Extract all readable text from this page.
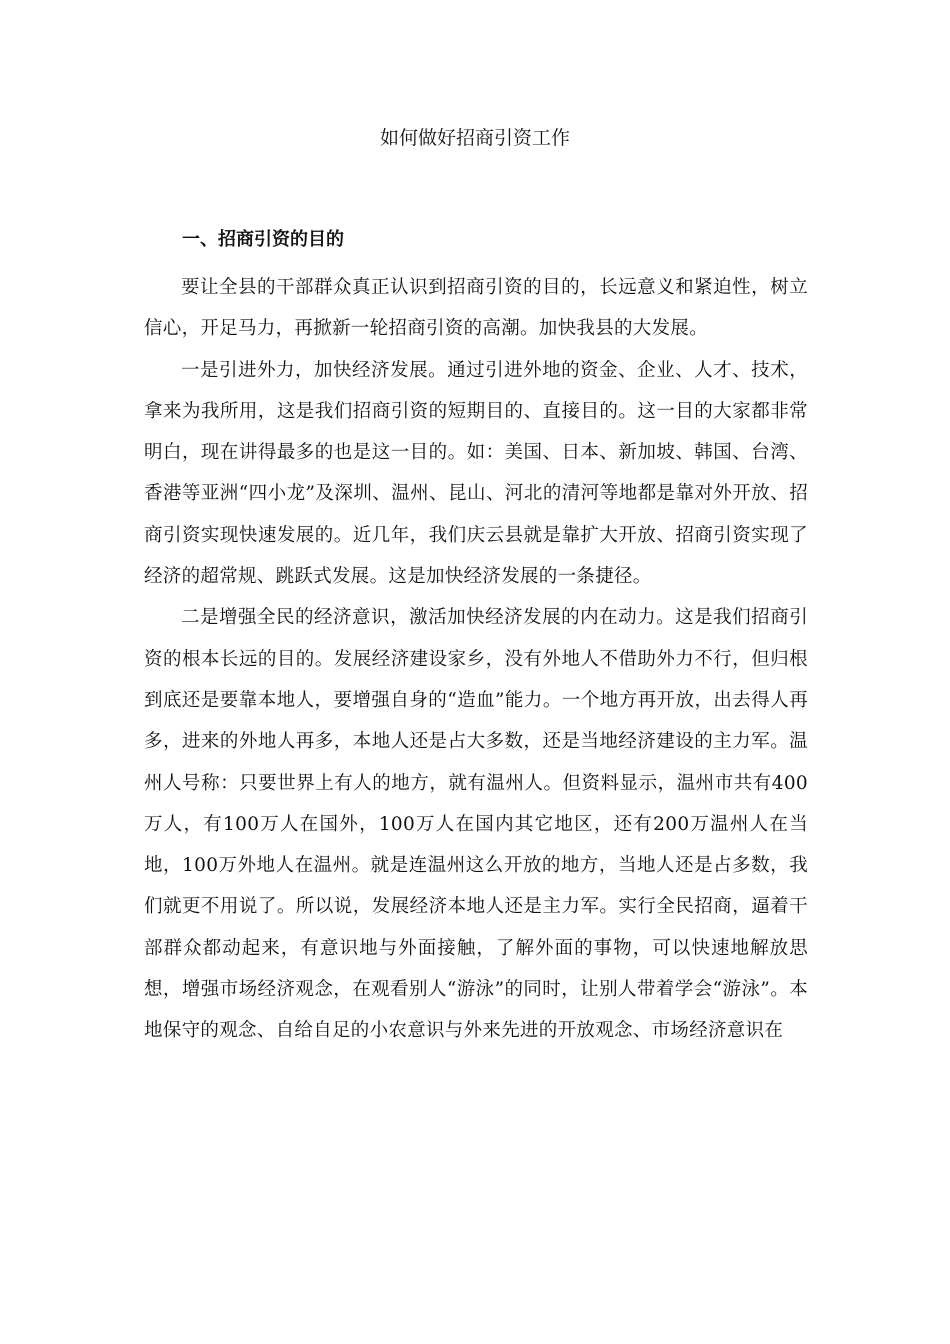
如何做好招商引资工作
一、招商引资的目的

要让全县的干部群众真正认识到招商引资的目的，长远意义和紧迫性，树立信心，开足马力，再掀新一轮招商引资的高潮。加快我县的大发展。

一是引进外力，加快经济发展。通过引进外地的资金、企业、人才、技术，拿来为我所用，这是我们招商引资的短期目的、直接目的。这一目的大家都非常明白，现在讲得最多的也是这一目的。如：美国、日本、新加坡、韩国、台湾、香港等亚洲“四小龙”及深圳、温州、昆山、河北的清河等地都是靠对外开放、招商引资实现快速发展的。近几年，我们庆云县就是靠扩大开放、招商引资实现了经济的超常规、跳跃式发展。这是加快经济发展的一条捷径。

二是增强全民的经济意识，激活加快经济发展的内在动力。这是我们招商引资的根本长远的目的。发展经济建设家乡，没有外地人不借助外力不行，但归根到底还是要靠本地人，要增强自身的“造血”能力。一个地方再开放，出去得人再多，进来的外地人再多，本地人还是占大多数，还是当地经济建设的主力军。温州人号称：只要世界上有人的地方，就有温州人。但资料显示，温州市共有400万人，有100万人在国外，100万人在国内其它地区，还有200万温州人在当地，100万外地人在温州。就是连温州这么开放的地方，当地人还是占多数，我们就更不用说了。所以说，发展经济本地人还是主力军。实行全民招商，逼着干部群众都动起来，有意识地与外面接触，了解外面的事物，可以快速地解放思想，增强市场经济观念，在观看别人“游泳”的同时，让别人带着学会“游泳”。本地保守的观念、自给自足的小农意识与外来先进的开放观念、市场经济意识在
